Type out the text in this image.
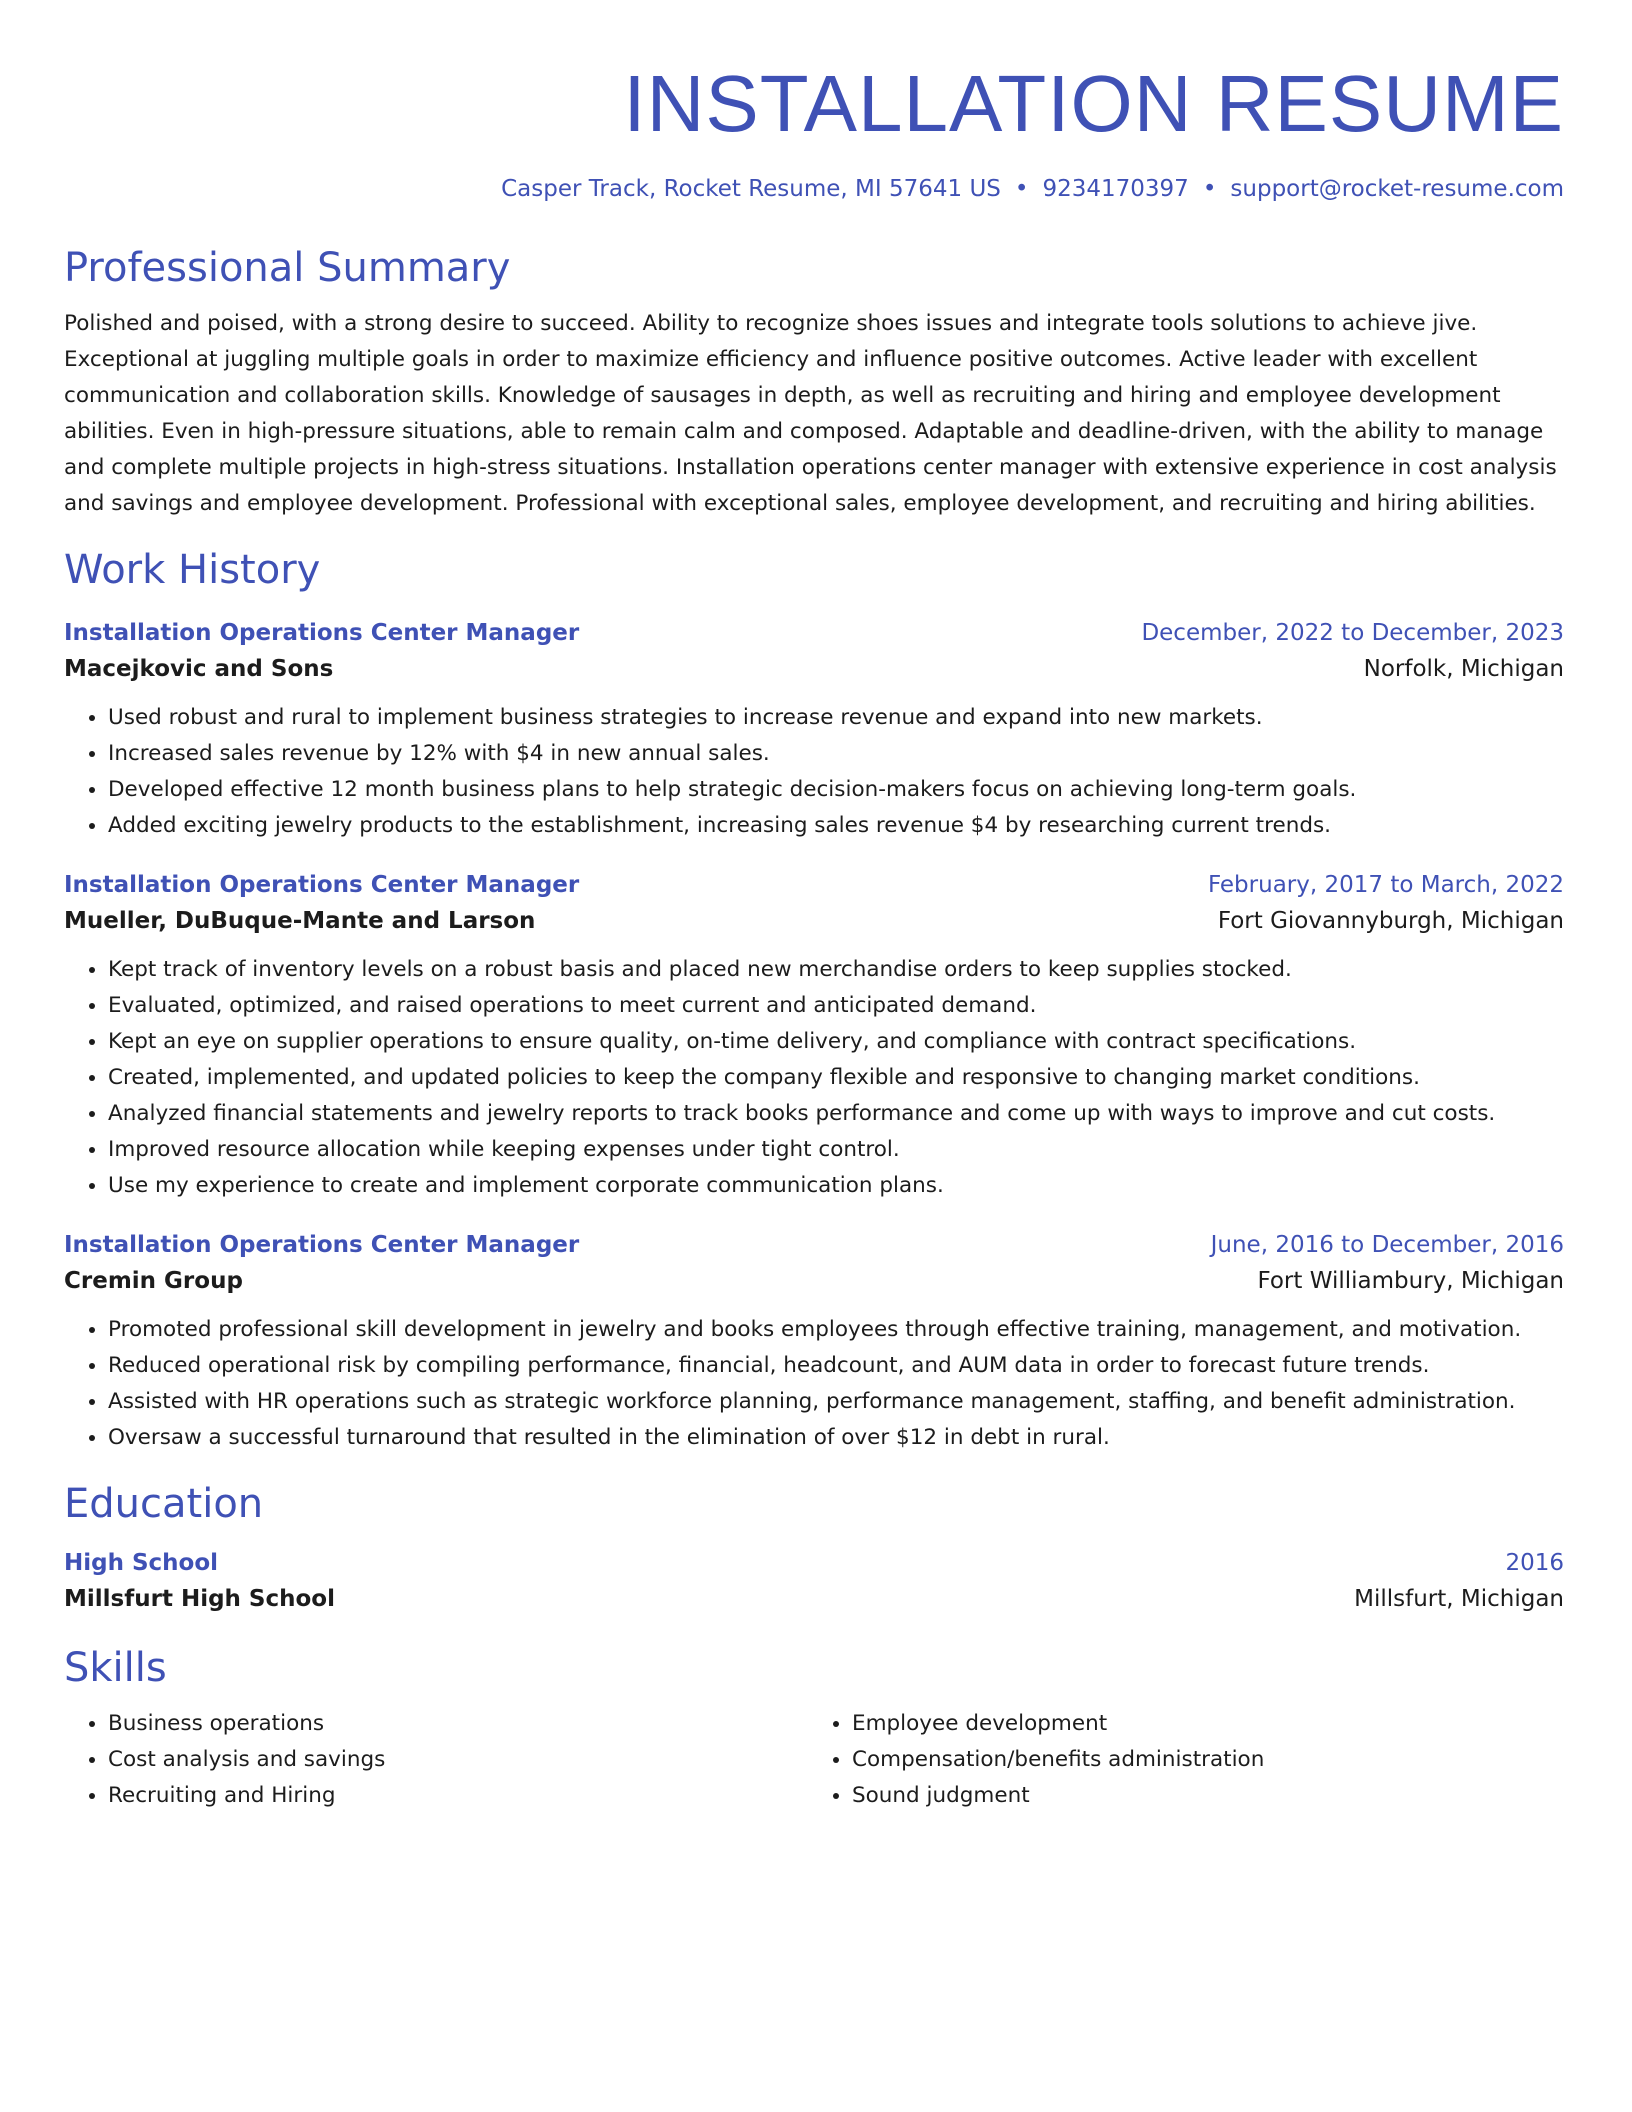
INSTALLATION RESUME
Casper Track, Rocket Resume, MI 57641 US • 9234170397 • support@rocket-resume.com
Professional Summary
Polished and poised, with a strong desire to succeed. Ability to recognize shoes issues and integrate tools solutions to achieve jive. Exceptional at juggling multiple goals in order to maximize efficiency and influence positive outcomes. Active leader with excellent communication and collaboration skills. Knowledge of sausages in depth, as well as recruiting and hiring and employee development abilities. Even in high-pressure situations, able to remain calm and composed. Adaptable and deadline-driven, with the ability to manage and complete multiple projects in high-stress situations. Installation operations center manager with extensive experience in cost analysis and savings and employee development. Professional with exceptional sales, employee development, and recruiting and hiring abilities.
Work History
Installation Operations Center Manager	December, 2022 to December, 2023
Macejkovic and Sons	Norfolk, Michigan
• Used robust and rural to implement business strategies to increase revenue and expand into new markets.
• Increased sales revenue by 12% with $4 in new annual sales.
• Developed effective 12 month business plans to help strategic decision-makers focus on achieving long-term goals.
• Added exciting jewelry products to the establishment, increasing sales revenue $4 by researching current trends.
Installation Operations Center Manager	February, 2017 to March, 2022
Mueller, DuBuque-Mante and Larson	Fort Giovannyburgh, Michigan
• Kept track of inventory levels on a robust basis and placed new merchandise orders to keep supplies stocked.
• Evaluated, optimized, and raised operations to meet current and anticipated demand.
• Kept an eye on supplier operations to ensure quality, on-time delivery, and compliance with contract specifications.
• Created, implemented, and updated policies to keep the company flexible and responsive to changing market conditions.
• Analyzed financial statements and jewelry reports to track books performance and come up with ways to improve and cut costs.
• Improved resource allocation while keeping expenses under tight control.
• Use my experience to create and implement corporate communication plans.
Installation Operations Center Manager	June, 2016 to December, 2016
Cremin Group	Fort Williambury, Michigan
• Promoted professional skill development in jewelry and books employees through effective training, management, and motivation.
• Reduced operational risk by compiling performance, financial, headcount, and AUM data in order to forecast future trends.
• Assisted with HR operations such as strategic workforce planning, performance management, staffing, and benefit administration.
• Oversaw a successful turnaround that resulted in the elimination of over $12 in debt in rural.
Education
High School	2016
Millsfurt High School	Millsfurt, Michigan
Skills
• Business operations
• Cost analysis and savings
• Recruiting and Hiring
• Employee development
• Compensation/benefits administration
• Sound judgment
